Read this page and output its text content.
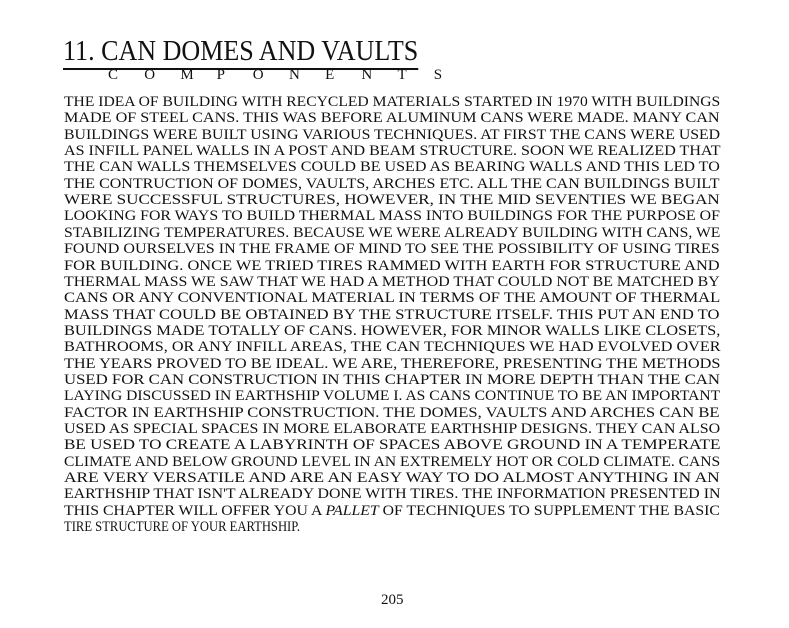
11. CAN DOMES AND VAULTS
C O M P O N E N T S
THE IDEA OF BUILDING WITH RECYCLED MATERIALS STARTED IN 1970 WITH BUILDINGS
MADE OF STEEL CANS. THIS WAS BEFORE ALUMINUM CANS WERE MADE. MANY CAN
BUILDINGS WERE BUILT USING VARIOUS TECHNIQUES. AT FIRST THE CANS WERE USED
AS INFILL PANEL WALLS IN A POST AND BEAM STRUCTURE. SOON WE REALIZED THAT
THE CAN WALLS THEMSELVES COULD BE USED AS BEARING WALLS AND THIS LED TO
THE CONTRUCTION OF DOMES, VAULTS, ARCHES ETC. ALL THE CAN BUILDINGS BUILT
WERE SUCCESSFUL STRUCTURES, HOWEVER, IN THE MID SEVENTIES WE BEGAN
LOOKING FOR WAYS TO BUILD THERMAL MASS INTO BUILDINGS FOR THE PURPOSE OF
STABILIZING TEMPERATURES. BECAUSE WE WERE ALREADY BUILDING WITH CANS, WE
FOUND OURSELVES IN THE FRAME OF MIND TO SEE THE POSSIBILITY OF USING TIRES
FOR BUILDING. ONCE WE TRIED TIRES RAMMED WITH EARTH FOR STRUCTURE AND
THERMAL MASS WE SAW THAT WE HAD A METHOD THAT COULD NOT BE MATCHED BY
CANS OR ANY CONVENTIONAL MATERIAL IN TERMS OF THE AMOUNT OF THERMAL
MASS THAT COULD BE OBTAINED BY THE STRUCTURE ITSELF. THIS PUT AN END TO
BUILDINGS MADE TOTALLY OF CANS. HOWEVER, FOR MINOR WALLS LIKE CLOSETS,
BATHROOMS, OR ANY INFILL AREAS, THE CAN TECHNIQUES WE HAD EVOLVED OVER
THE YEARS PROVED TO BE IDEAL. WE ARE, THEREFORE, PRESENTING THE METHODS
USED FOR CAN CONSTRUCTION IN THIS CHAPTER IN MORE DEPTH THAN THE CAN
LAYING DISCUSSED IN EARTHSHIP VOLUME I. AS CANS CONTINUE TO BE AN IMPORTANT
FACTOR IN EARTHSHIP CONSTRUCTION. THE DOMES, VAULTS AND ARCHES CAN BE
USED AS SPECIAL SPACES IN MORE ELABORATE EARTHSHIP DESIGNS. THEY CAN ALSO
BE USED TO CREATE A LABYRINTH OF SPACES ABOVE GROUND IN A TEMPERATE
CLIMATE AND BELOW GROUND LEVEL IN AN EXTREMELY HOT OR COLD CLIMATE. CANS
ARE VERY VERSATILE AND ARE AN EASY WAY TO DO ALMOST ANYTHING IN AN
EARTHSHIP THAT ISN'T ALREADY DONE WITH TIRES. THE INFORMATION PRESENTED IN
THIS CHAPTER WILL OFFER YOU A PALLET OF TECHNIQUES TO SUPPLEMENT THE BASIC
TIRE STRUCTURE OF YOUR EARTHSHIP.
205
